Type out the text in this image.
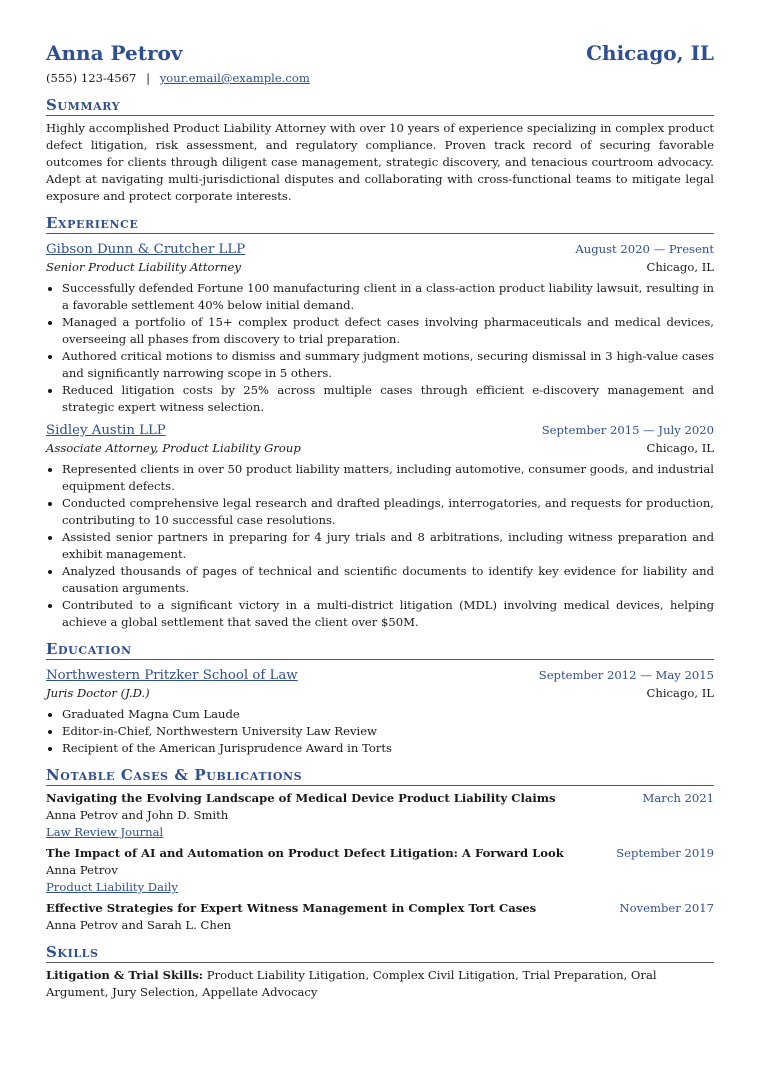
Anna Petrov	Chicago, IL
(555) 123-4567 | your.email@example.com
Summary
Highly accomplished Product Liability Attorney with over 10 years of experience specializing in complex product defect litigation, risk assessment, and regulatory compliance. Proven track record of securing favorable outcomes for clients through diligent case management, strategic discovery, and tenacious courtroom advocacy. Adept at navigating multi-jurisdictional disputes and collaborating with cross-functional teams to mitigate legal exposure and protect corporate interests.
Experience
Gibson Dunn & Crutcher LLP	August 2020 — Present
Senior Product Liability Attorney	Chicago, IL
• Successfully defended Fortune 100 manufacturing client in a class-action product liability lawsuit, resulting in a favorable settlement 40% below initial demand.
• Managed a portfolio of 15+ complex product defect cases involving pharmaceuticals and medical devices, overseeing all phases from discovery to trial preparation.
• Authored critical motions to dismiss and summary judgment motions, securing dismissal in 3 high-value cases and significantly narrowing scope in 5 others.
• Reduced litigation costs by 25% across multiple cases through efficient e-discovery management and strategic expert witness selection.
Sidley Austin LLP	September 2015 — July 2020
Associate Attorney, Product Liability Group	Chicago, IL
• Represented clients in over 50 product liability matters, including automotive, consumer goods, and industrial equipment defects.
• Conducted comprehensive legal research and drafted pleadings, interrogatories, and requests for production, contributing to 10 successful case resolutions.
• Assisted senior partners in preparing for 4 jury trials and 8 arbitrations, including witness preparation and exhibit management.
• Analyzed thousands of pages of technical and scientific documents to identify key evidence for liability and causation arguments.
• Contributed to a significant victory in a multi-district litigation (MDL) involving medical devices, helping achieve a global settlement that saved the client over $50M.
Education
Northwestern Pritzker School of Law	September 2012 — May 2015
Juris Doctor (J.D.)	Chicago, IL
• Graduated Magna Cum Laude
• Editor-in-Chief, Northwestern University Law Review
• Recipient of the American Jurisprudence Award in Torts
Notable Cases & Publications
Navigating the Evolving Landscape of Medical Device Product Liability Claims	March 2021
Anna Petrov and John D. Smith
Law Review Journal
The Impact of AI and Automation on Product Defect Litigation: A Forward Look	September 2019
Anna Petrov
Product Liability Daily
Effective Strategies for Expert Witness Management in Complex Tort Cases	November 2017
Anna Petrov and Sarah L. Chen
Skills
Litigation & Trial Skills: Product Liability Litigation, Complex Civil Litigation, Trial Preparation, Oral Argument, Jury Selection, Appellate Advocacy
